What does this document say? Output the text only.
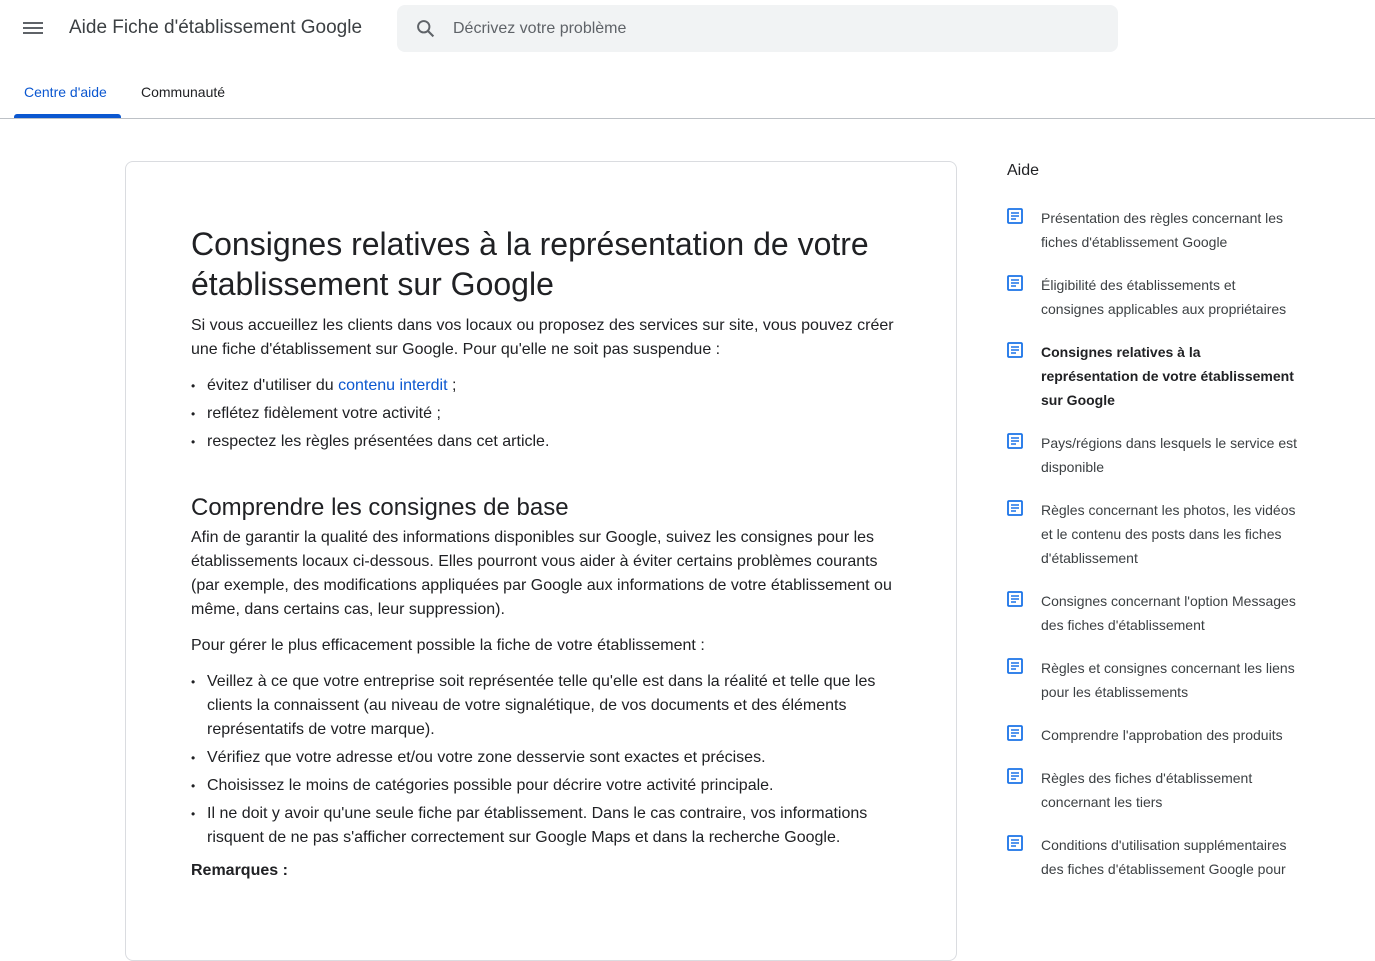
Aide Fiche d'établissement Google
Décrivez votre problème
Centre d'aide Communauté
Consignes relatives à la représentation de votre établissement sur Google

Si vous accueillez les clients dans vos locaux ou proposez des services sur site, vous pouvez créer une fiche d'établissement sur Google. Pour qu'elle ne soit pas suspendue :

• évitez d'utiliser du contenu interdit ;
• reflétez fidèlement votre activité ;
• respectez les règles présentées dans cet article.
Comprendre les consignes de base

Afin de garantir la qualité des informations disponibles sur Google, suivez les consignes pour les établissements locaux ci-dessous. Elles pourront vous aider à éviter certains problèmes courants (par exemple, des modifications appliquées par Google aux informations de votre établissement ou même, dans certains cas, leur suppression).

Pour gérer le plus efficacement possible la fiche de votre établissement :

• Veillez à ce que votre entreprise soit représentée telle qu'elle est dans la réalité et telle que les clients la connaissent (au niveau de votre signalétique, de vos documents et des éléments représentatifs de votre marque).
• Vérifiez que votre adresse et/ou votre zone desservie sont exactes et précises.
• Choisissez le moins de catégories possible pour décrire votre activité principale.
• Il ne doit y avoir qu'une seule fiche par établissement. Dans le cas contraire, vos informations risquent de ne pas s'afficher correctement sur Google Maps et dans la recherche Google.
Remarques :
Aide
Présentation des règles concernant les fiches d'établissement Google
Éligibilité des établissements et consignes applicables aux propriétaires
Consignes relatives à la représentation de votre établissement sur Google
Pays/régions dans lesquels le service est disponible
Règles concernant les photos, les vidéos et le contenu des posts dans les fiches d'établissement
Consignes concernant l'option Messages des fiches d'établissement
Règles et consignes concernant les liens pour les établissements
Comprendre l'approbation des produits
Règles des fiches d'établissement concernant les tiers
Conditions d'utilisation supplémentaires des fiches d'établissement Google pour
